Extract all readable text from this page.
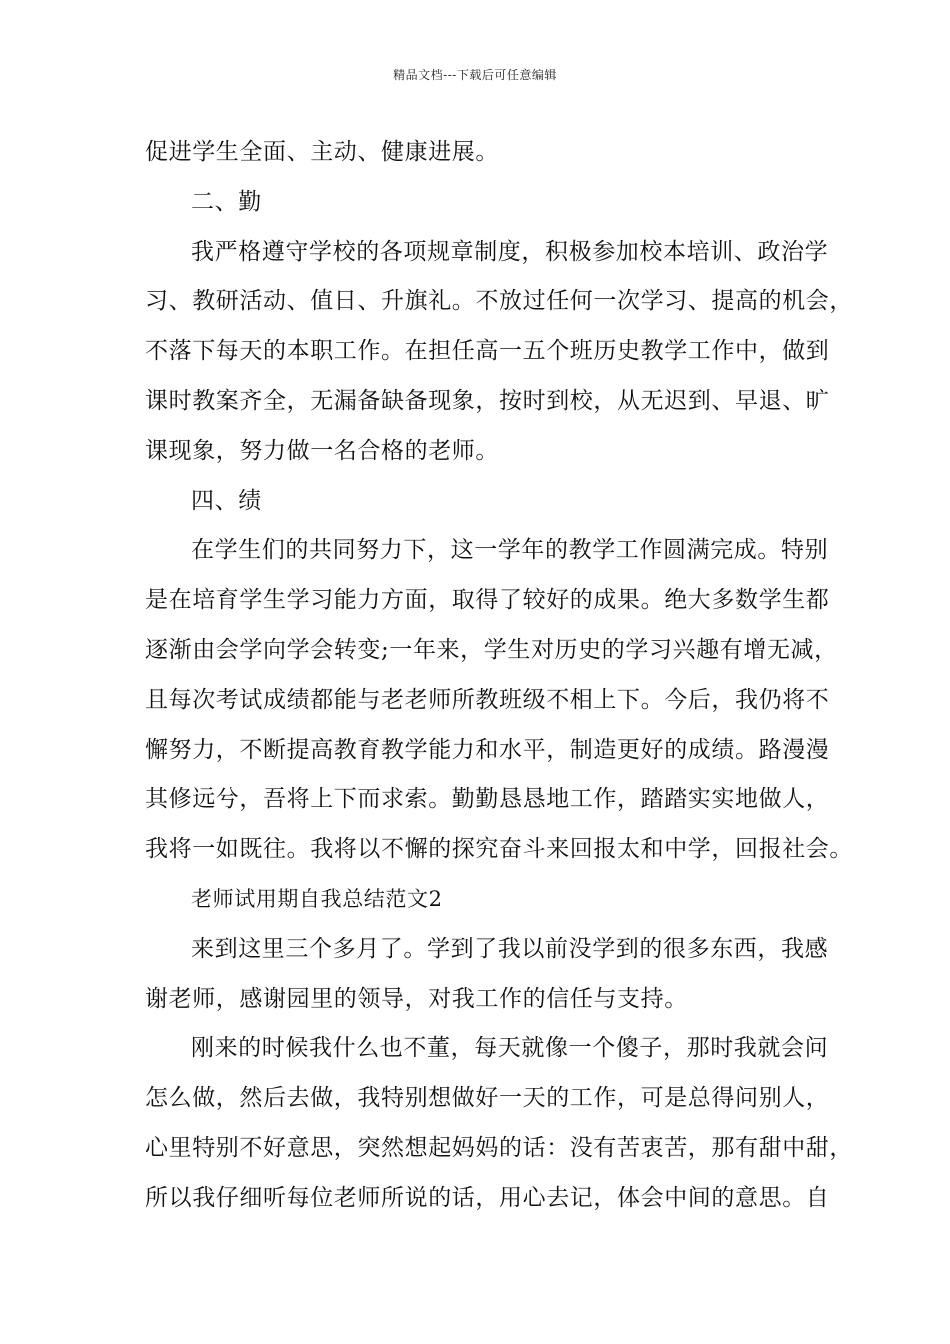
精品文档---下载后可任意编辑
促进学生全面、主动、健康进展。
二、勤
我严格遵守学校的各项规章制度，积极参加校本培训、政治学
习、教研活动、值日、升旗礼。不放过任何一次学习、提高的机会，
不落下每天的本职工作。在担任高一五个班历史教学工作中，做到
课时教案齐全，无漏备缺备现象，按时到校，从无迟到、早退、旷
课现象，努力做一名合格的老师。
四、绩
在学生们的共同努力下，这一学年的教学工作圆满完成。特别
是在培育学生学习能力方面，取得了较好的成果。绝大多数学生都
逐渐由会学向学会转变;一年来，学生对历史的学习兴趣有增无减，
且每次考试成绩都能与老老师所教班级不相上下。今后，我仍将不
懈努力，不断提高教育教学能力和水平，制造更好的成绩。路漫漫
其修远兮，吾将上下而求索。勤勤恳恳地工作，踏踏实实地做人，
我将一如既往。我将以不懈的探究奋斗来回报太和中学，回报社会。
老师试用期自我总结范文2
来到这里三个多月了。学到了我以前没学到的很多东西，我感
谢老师，感谢园里的领导，对我工作的信任与支持。
刚来的时候我什么也不董，每天就像一个傻子，那时我就会问
怎么做，然后去做，我特别想做好一天的工作，可是总得问别人，
心里特别不好意思，突然想起妈妈的话：没有苦衷苦，那有甜中甜，
所以我仔细听每位老师所说的话，用心去记，体会中间的意思。自
